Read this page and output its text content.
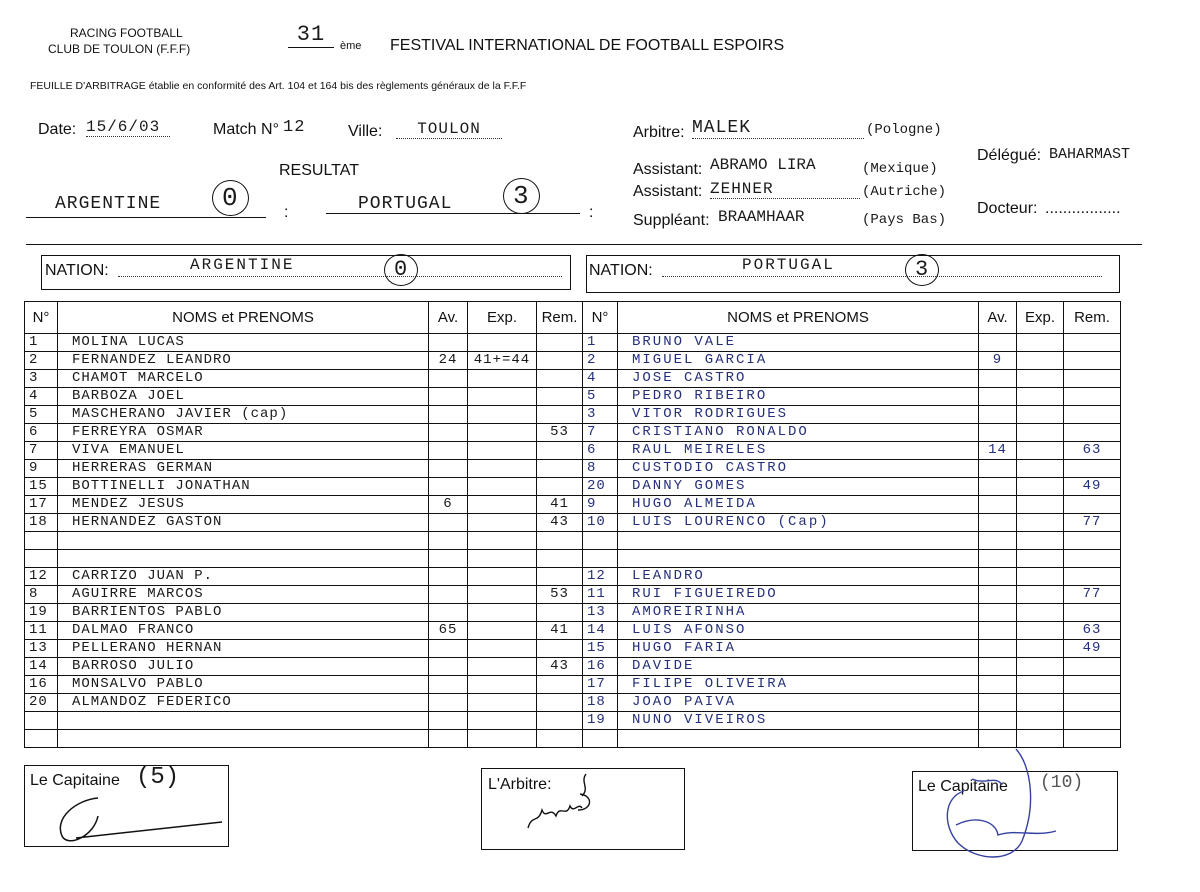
RACING FOOTBALL
CLUB DE TOULON (F.F.F)
31	ème FESTIVAL INTERNATIONAL DE FOOTBALL ESPOIRS
FEUILLE D'ARBITRAGE établie en conformité des Art. 104 et 164 bis des règlements généraux de la F.F.F
Date: 15/6/03	Match N° 12	Ville:	TOULON
RESULTAT
ARGENTINE	0	:	PORTUGAL	3
:
Arbitre: MALEK	(Pologne)
Assistant: ABRAMO LIRA	(Mexique)
Assistant: ZEHNER	(Autriche)
Suppléant: BRAAMHAAR	(Pays Bas)
Délégué: BAHARMAST
Docteur: .................
NATION:	ARGENTINE	0	NATION:	PORTUGAL	3
N°	NOMS et PRENOMS	Av.	Exp.	Rem.	N°	NOMS et PRENOMS	Av.	Exp.	Rem.
1	MOLINA LUCAS				1	BRUNO VALE			
2	FERNANDEZ LEANDRO	24	41+=44		2	MIGUEL GARCIA	9		
3	CHAMOT MARCELO				4	JOSE CASTRO			
4	BARBOZA JOEL				5	PEDRO RIBEIRO			
5	MASCHERANO JAVIER (cap)				3	VITOR RODRIGUES			
6	FERREYRA OSMAR			53	7	CRISTIANO RONALDO			
7	VIVA EMANUEL				6	RAUL MEIRELES	14		63
9	HERRERAS GERMAN				8	CUSTODIO CASTRO			
15	BOTTINELLI JONATHAN				20	DANNY GOMES			49
17	MENDEZ JESUS	6		41	9	HUGO ALMEIDA			
18	HERNANDEZ GASTON			43	10	LUIS LOURENCO (Cap)			77

12	CARRIZO JUAN P.				12	LEANDRO			
8	AGUIRRE MARCOS			53	11	RUI FIGUEIREDO			77
19	BARRIENTOS PABLO				13	AMOREIRINHA			
11	DALMAO FRANCO	65		41	14	LUIS AFONSO			63
13	PELLERANO HERNAN				15	HUGO FARIA			49
14	BARROSO JULIO			43	16	DAVIDE			
16	MONSALVO PABLO				17	FILIPE OLIVEIRA			
20	ALMANDOZ FEDERICO				18	JOAO PAIVA			
					19	NUNO VIVEIROS			

Le Capitaine (5)	L'Arbitre:	Le Capitaine (10)
